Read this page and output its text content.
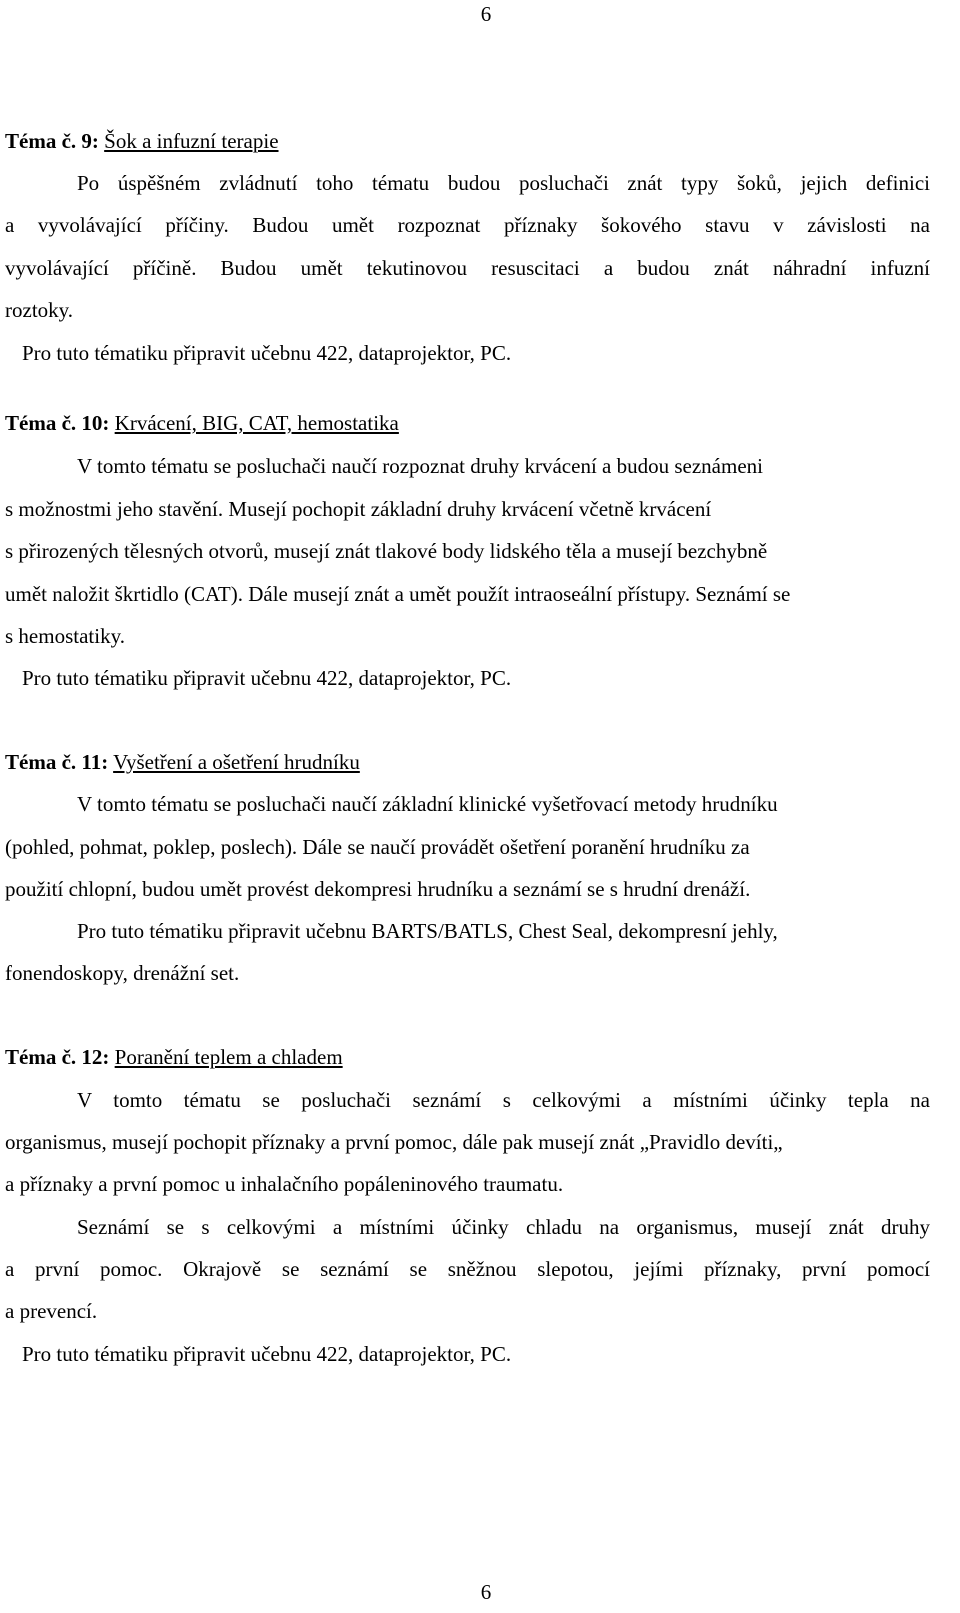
6
Téma č. 9: Šok a infuzní terapie
Po úspěšném zvládnutí toho tématu budou posluchači znát typy šoků, jejich definici
a vyvolávající příčiny. Budou umět rozpoznat příznaky šokového stavu v závislosti na
vyvolávající příčině. Budou umět tekutinovou resuscitaci a budou znát náhradní infuzní
roztoky.
Pro tuto tématiku připravit učebnu 422, dataprojektor, PC.
Téma č. 10: Krvácení, BIG, CAT, hemostatika
V tomto tématu se posluchači naučí rozpoznat druhy krvácení a budou seznámeni
s možnostmi jeho stavění. Musejí pochopit základní druhy krvácení včetně krvácení
s přirozených tělesných otvorů, musejí znát tlakové body lidského těla a musejí bezchybně
umět naložit škrtidlo (CAT). Dále musejí znát a umět použít intraoseální přístupy. Seznámí se
s hemostatiky.
Pro tuto tématiku připravit učebnu 422, dataprojektor, PC.
Téma č. 11: Vyšetření a ošetření hrudníku
V tomto tématu se posluchači naučí základní klinické vyšetřovací metody hrudníku
(pohled, pohmat, poklep, poslech). Dále se naučí provádět ošetření poranění hrudníku za
použití chlopní, budou umět provést dekompresi hrudníku a seznámí se s hrudní drenáží.
Pro tuto tématiku připravit učebnu BARTS/BATLS, Chest Seal, dekompresní jehly,
fonendoskopy, drenážní set.
Téma č. 12: Poranění teplem a chladem
V tomto tématu se posluchači seznámí s celkovými a místními účinky tepla na
organismus, musejí pochopit příznaky a první pomoc, dále pak musejí znát „Pravidlo devíti„
a příznaky a první pomoc u inhalačního popáleninového traumatu.
Seznámí se s celkovými a místními účinky chladu na organismus, musejí znát druhy
a první pomoc. Okrajově se seznámí se sněžnou slepotou, jejími příznaky, první pomocí
a prevencí.
Pro tuto tématiku připravit učebnu 422, dataprojektor, PC.
6
